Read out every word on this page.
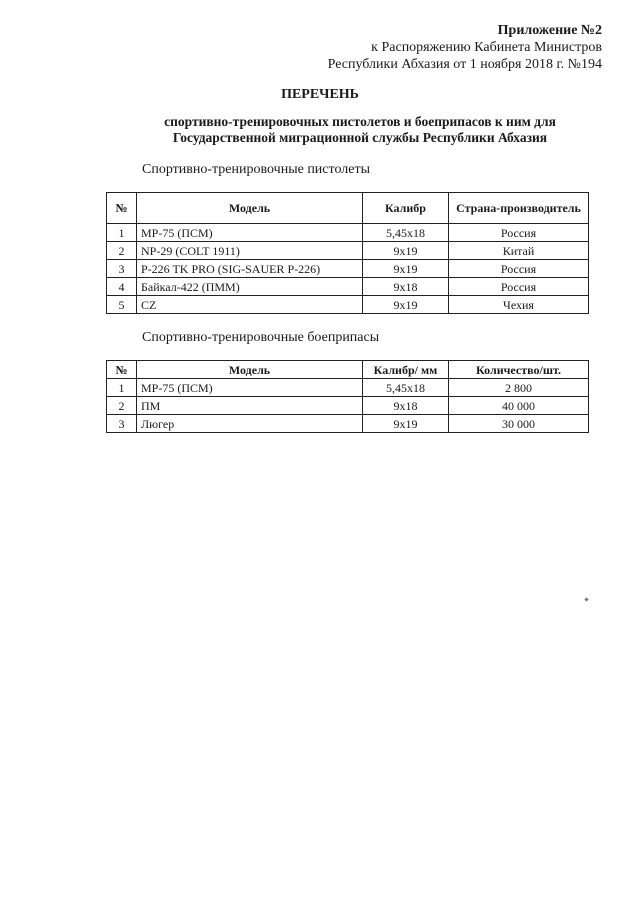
Приложение №2
к Распоряжению Кабинета Министров
Республики Абхазия от 1 ноября 2018 г. №194
ПЕРЕЧЕНЬ
спортивно-тренировочных пистолетов и боеприпасов к ним для
Государственной миграционной службы Республики Абхазия
Спортивно-тренировочные пистолеты
№	Модель	Калибр	Страна-производитель
1	МР-75 (ПСМ)	5,45x18	Россия
2	NP-29 (COLT 1911)	9x19	Китай
3	P-226 TK PRO (SIG-SAUER P-226)	9x19	Россия
4	Байкал-422 (ПММ)	9x18	Россия
5	CZ	9x19	Чехия
Спортивно-тренировочные боеприпасы
№	Модель	Калибр/ мм	Количество/шт.
1	МР-75 (ПСМ)	5,45x18	2 800
2	ПМ	9x18	40 000
3	Люгер	9x19	30 000
